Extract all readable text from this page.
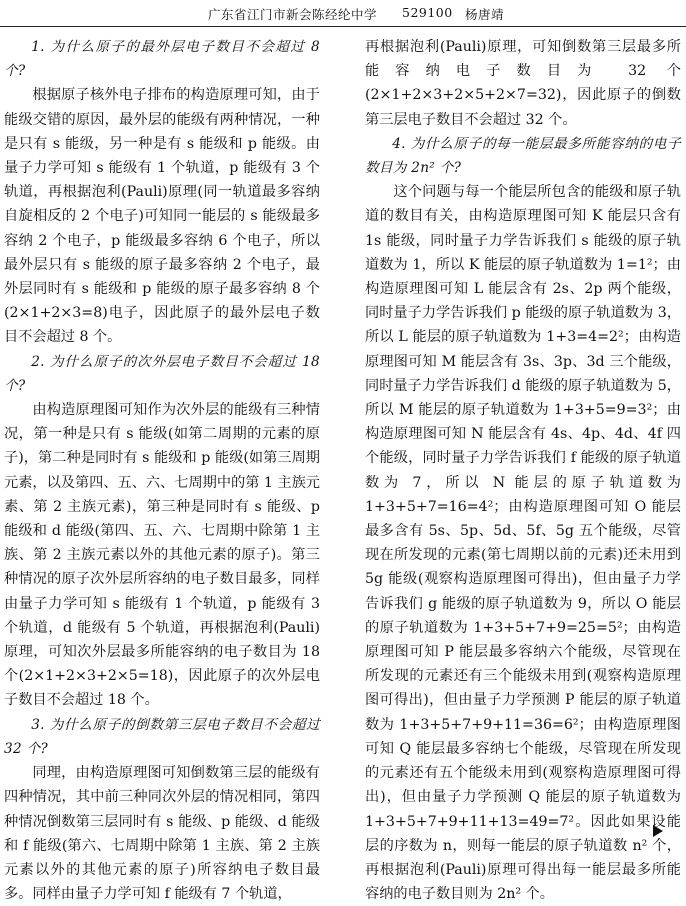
广东省江门市新会陈经纶中学 529100 杨唐靖

1. 为什么原子的最外层电子数目不会超过 8 个?

根据原子核外电子排布的构造原理可知，由于能级交错的原因，最外层的能级有两种情况，一种是只有 s 能级，另一种是有 s 能级和 p 能级。由量子力学可知 s 能级有 1 个轨道，p 能级有 3 个轨道，再根据泡利(Pauli)原理(同一轨道最多容纳自旋相反的 2 个电子)可知同一能层的 s 能级最多容纳 2 个电子，p 能级最多容纳 6 个电子，所以最外层只有 s 能级的原子最多容纳 2 个电子，最外层同时有 s 能级和 p 能级的原子最多容纳 8 个(2×1+2×3=8)电子，因此原子的最外层电子数目不会超过 8 个。

2. 为什么原子的次外层电子数目不会超过 18 个?

由构造原理图可知作为次外层的能级有三种情况，第一种是只有 s 能级(如第二周期的元素的原子)，第二种是同时有 s 能级和 p 能级(如第三周期元素，以及第四、五、六、七周期中的第 1 主族元素、第 2 主族元素)，第三种是同时有 s 能级、p 能级和 d 能级(第四、五、六、七周期中除第 1 主族、第 2 主族元素以外的其他元素的原子)。第三种情况的原子次外层所容纳的电子数目最多，同样由量子力学可知 s 能级有 1 个轨道，p 能级有 3 个轨道，d 能级有 5 个轨道，再根据泡利(Pauli)原理，可知次外层最多所能容纳的电子数目为 18 个(2×1+2×3+2×5=18)，因此原子的次外层电子数目不会超过 18 个。

3. 为什么原子的倒数第三层电子数目不会超过 32 个?

同理，由构造原理图可知倒数第三层的能级有四种情况，其中前三种同次外层的情况相同，第四种情况倒数第三层同时有 s 能级、p 能级、d 能级和 f 能级(第六、七周期中除第 1 主族、第 2 主族元素以外的其他元素的原子)所容纳电子数目最多。同样由量子力学可知 f 能级有 7 个轨道，

再根据泡利(Pauli)原理，可知倒数第三层最多所能容纳电子数目为 32 个(2×1+2×3+2×5+2×7=32)，因此原子的倒数第三层电子数目不会超过 32 个。

4. 为什么原子的每一能层最多所能容纳的电子数目为 2n² 个?

这个问题与每一个能层所包含的能级和原子轨道的数目有关，由构造原理图可知 K 能层只含有 1s 能级，同时量子力学告诉我们 s 能级的原子轨道数为 1，所以 K 能层的原子轨道数为 1=1²；由构造原理图可知 L 能层含有 2s、2p 两个能级，同时量子力学告诉我们 p 能级的原子轨道数为 3，所以 L 能层的原子轨道数为 1+3=4=2²；由构造原理图可知 M 能层含有 3s、3p、3d 三个能级，同时量子力学告诉我们 d 能级的原子轨道数为 5，所以 M 能层的原子轨道数为 1+3+5=9=3²；由构造原理图可知 N 能层含有 4s、4p、4d、4f 四个能级，同时量子力学告诉我们 f 能级的原子轨道数为 7，所以 N 能层的原子轨道数为 1+3+5+7=16=4²；由构造原理图可知 O 能层最多含有 5s、5p、5d、5f、5g 五个能级，尽管现在所发现的元素(第七周期以前的元素)还未用到 5g 能级(观察构造原理图可得出)，但由量子力学告诉我们 g 能级的原子轨道数为 9，所以 O 能层的原子轨道数为 1+3+5+7+9=25=5²；由构造原理图可知 P 能层最多容纳六个能级，尽管现在所发现的元素还有三个能级未用到(观察构造原理图可得出)，但由量子力学预测 P 能层的原子轨道数为 1+3+5+7+9+11=36=6²；由构造原理图可知 Q 能层最多容纳七个能级，尽管现在所发现的元素还有五个能级未用到(观察构造原理图可得出)，但由量子力学预测 Q 能层的原子轨道数为 1+3+5+7+9+11+13=49=7²。因此如果设能层的序数为 n，则每一能层的原子轨道数 n² 个，再根据泡利(Pauli)原理可得出每一能层最多所能容纳的电子数目则为 2n² 个。
